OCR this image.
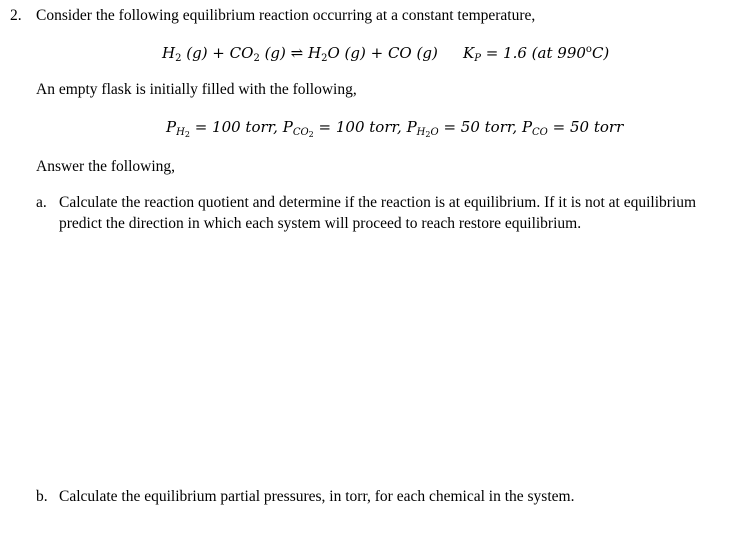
2. Consider the following equilibrium reaction occurring at a constant temperature,
$H_2$ $(g) + CO_2$ (g) ⇌ $H_2O$ (g) + CO (g) $K_P = 1.6$ (at 990$^o$C)
An empty flask is initially filled with the following,
$P_{H_2} = 100$ torr, $P_{CO_2} = 100$ torr, $P_{H_2O} = 50$ torr, $P_{CO} = 50$ torr
Answer the following,
a. Calculate the reaction quotient and determine if the reaction is at equilibrium. If it is not at equilibrium predict the direction in which each system will proceed to reach restore equilibrium.
b. Calculate the equilibrium partial pressures, in torr, for each chemical in the system.
